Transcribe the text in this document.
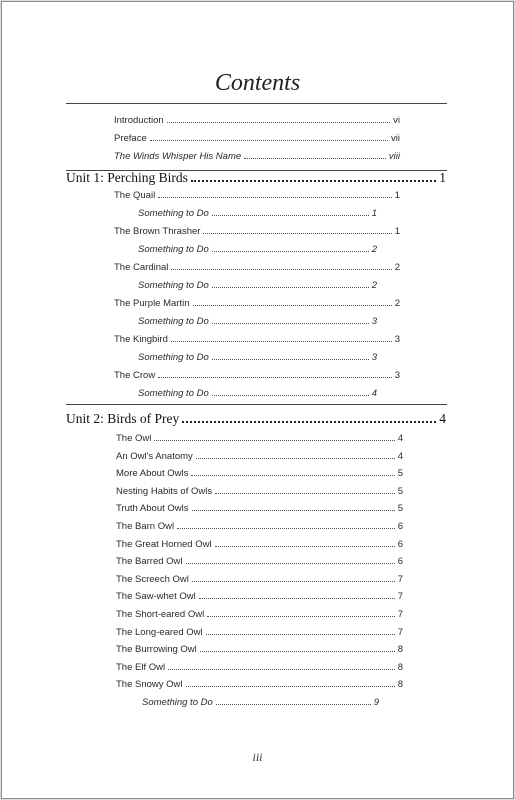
Contents
Introduction	vi
Preface	vii
The Winds Whisper His Name	viii
Unit 1: Perching Birds	1
The Quail	1
Something to Do	1
The Brown Thrasher	1
Something to Do	2
The Cardinal	2
Something to Do	2
The Purple Martin	2
Something to Do	3
The Kingbird	3
Something to Do	3
The Crow	3
Something to Do	4
Unit 2: Birds of Prey	4
The Owl	4
An Owl's Anatomy	4
More About Owls	5
Nesting Habits of Owls	5
Truth About Owls	5
The Barn Owl	6
The Great Horned Owl	6
The Barred Owl	6
The Screech Owl	7
The Saw-whet Owl	7
The Short-eared Owl	7
The Long-eared Owl	7
The Burrowing Owl	8
The Elf Owl	8
The Snowy Owl	8
Something to Do	9
iii
